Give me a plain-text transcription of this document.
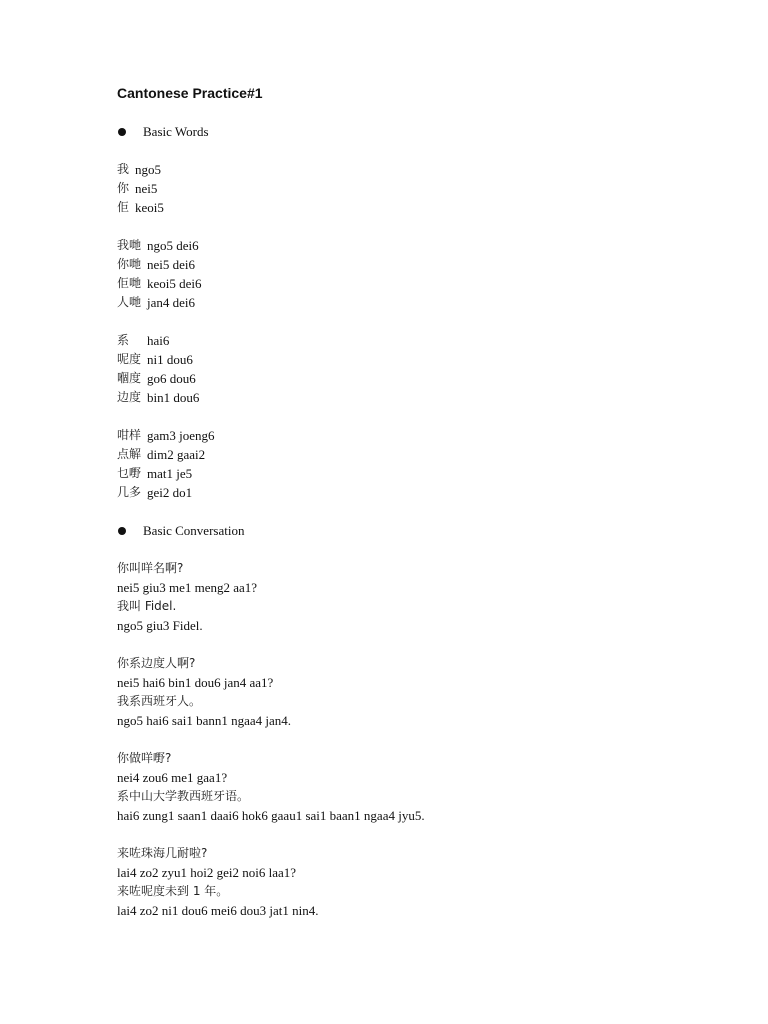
Cantonese Practice#1
Basic Words
我 ngo5
你 nei5
佢 keoi5
我哋 ngo5 dei6
你哋 nei5 dei6
佢哋 keoi5 dei6
人哋 jan4 dei6
系 hai6
呢度 ni1 dou6
嗰度 go6 dou6
边度 bin1 dou6
咁样 gam3 joeng6
点解 dim2 gaai2
乜嘢 mat1 je5
几多 gei2 do1
Basic Conversation
你叫咩名啊?
nei5 giu3 me1 meng2 aa1?
我叫 Fidel.
ngo5 giu3 Fidel.
你系边度人啊?
nei5 hai6 bin1 dou6 jan4 aa1?
我系西班牙人。
ngo5 hai6 sai1 bann1 ngaa4 jan4.
你做咩嘢?
nei4 zou6 me1 gaa1?
系中山大学教西班牙语。
hai6 zung1 saan1 daai6 hok6 gaau1 sai1 baan1 ngaa4 jyu5.
来咗珠海几耐啦?
lai4 zo2 zyu1 hoi2 gei2 noi6 laa1?
来咗呢度未到 1 年。
lai4 zo2 ni1 dou6 mei6 dou3 jat1 nin4.
